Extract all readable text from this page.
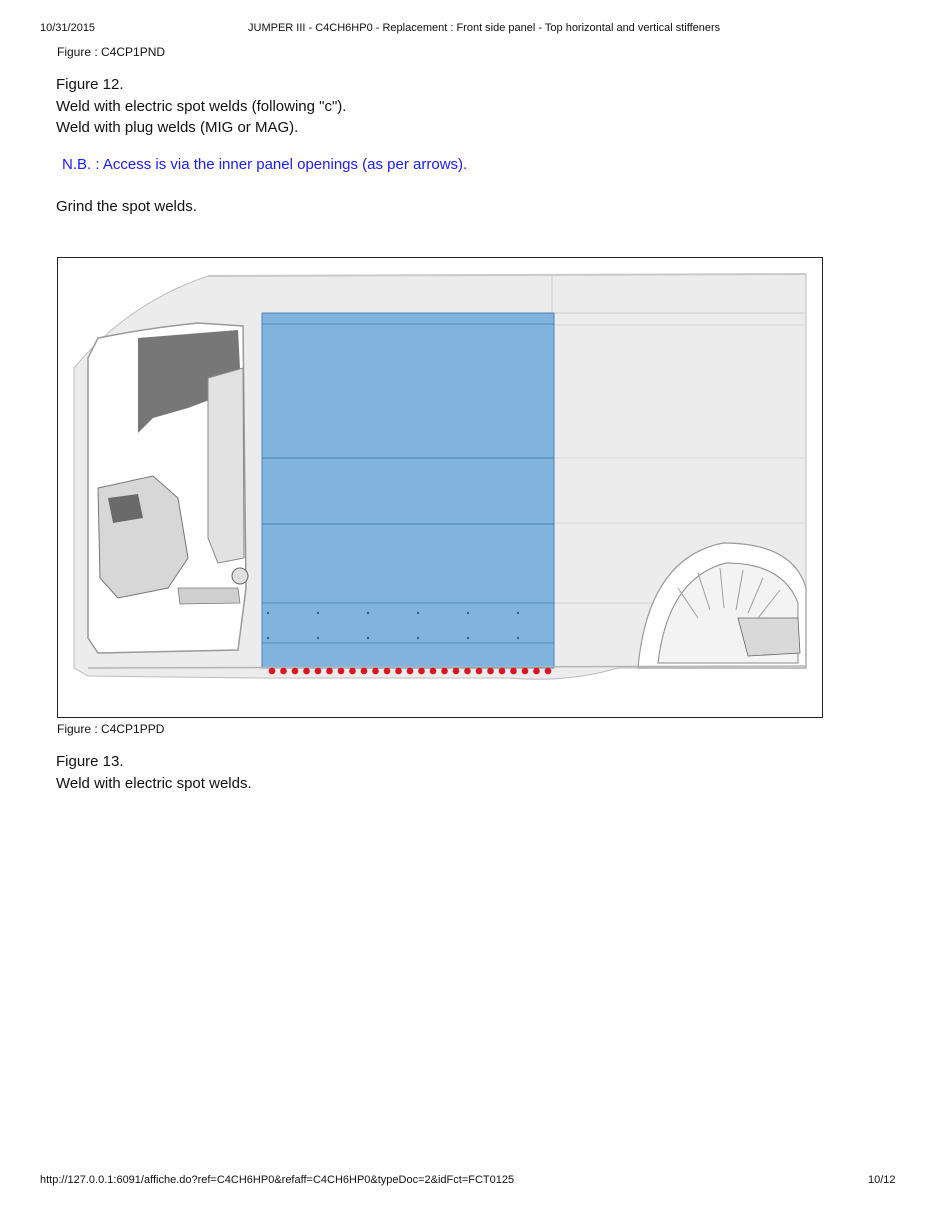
10/31/2015	JUMPER III - C4CH6HP0 - Replacement : Front side panel - Top horizontal and vertical stiffeners
Figure : C4CP1PND
Figure 12.
Weld with electric spot welds (following "c").
Weld with plug welds (MIG or MAG).
N.B. : Access is via the inner panel openings (as per arrows).
Grind the spot welds.
Figure : C4CP1PPD
Figure 13.
Weld with electric spot welds.
http://127.0.0.1:6091/affiche.do?ref=C4CH6HP0&refaff=C4CH6HP0&typeDoc=2&idFct=FCT0125	10/12
